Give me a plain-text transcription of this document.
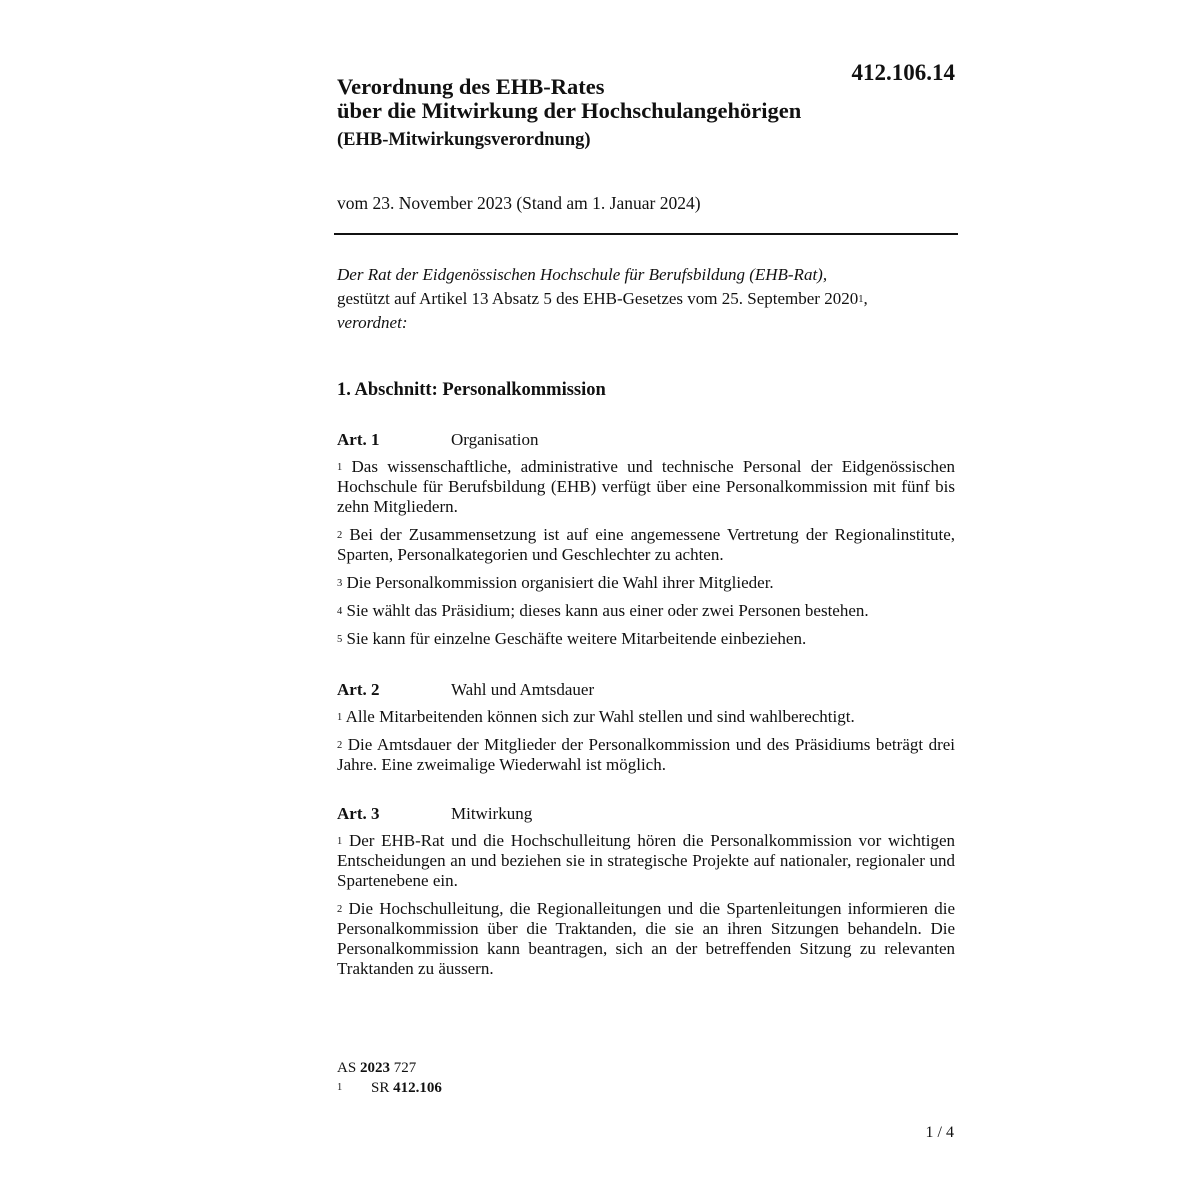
412.106.14
Verordnung des EHB-Rates
über die Mitwirkung der Hochschulangehörigen
(EHB-Mitwirkungsverordnung)
vom 23. November 2023 (Stand am 1. Januar 2024)
Der Rat der Eidgenössischen Hochschule für Berufsbildung (EHB-Rat),
gestützt auf Artikel 13 Absatz 5 des EHB-Gesetzes vom 25. September 2020$^1$,
verordnet:
1. Abschnitt: Personalkommission
Art. 1	Organisation

$^1$ Das wissenschaftliche, administrative und technische Personal der Eidgenössischen Hochschule für Berufsbildung (EHB) verfügt über eine Personalkommission mit fünf bis zehn Mitgliedern.

$^2$ Bei der Zusammensetzung ist auf eine angemessene Vertretung der Regionalinstitute, Sparten, Personalkategorien und Geschlechter zu achten.

$^3$ Die Personalkommission organisiert die Wahl ihrer Mitglieder.

$^4$ Sie wählt das Präsidium; dieses kann aus einer oder zwei Personen bestehen.

$^5$ Sie kann für einzelne Geschäfte weitere Mitarbeitende einbeziehen.

Art. 2	Wahl und Amtsdauer

$^1$ Alle Mitarbeitenden können sich zur Wahl stellen und sind wahlberechtigt.

$^2$ Die Amtsdauer der Mitglieder der Personalkommission und des Präsidiums beträgt drei Jahre. Eine zweimalige Wiederwahl ist möglich.

Art. 3	Mitwirkung

$^1$ Der EHB-Rat und die Hochschulleitung hören die Personalkommission vor wichtigen Entscheidungen an und beziehen sie in strategische Projekte auf nationaler, regionaler und Spartenebene ein.

$^2$ Die Hochschulleitung, die Regionalleitungen und die Spartenleitungen informieren die Personalkommission über die Traktanden, die sie an ihren Sitzungen behandeln. Die Personalkommission kann beantragen, sich an der betreffenden Sitzung zu relevanten Traktanden zu äussern.

AS 2023 727
1 SR 412.106
1 / 4
